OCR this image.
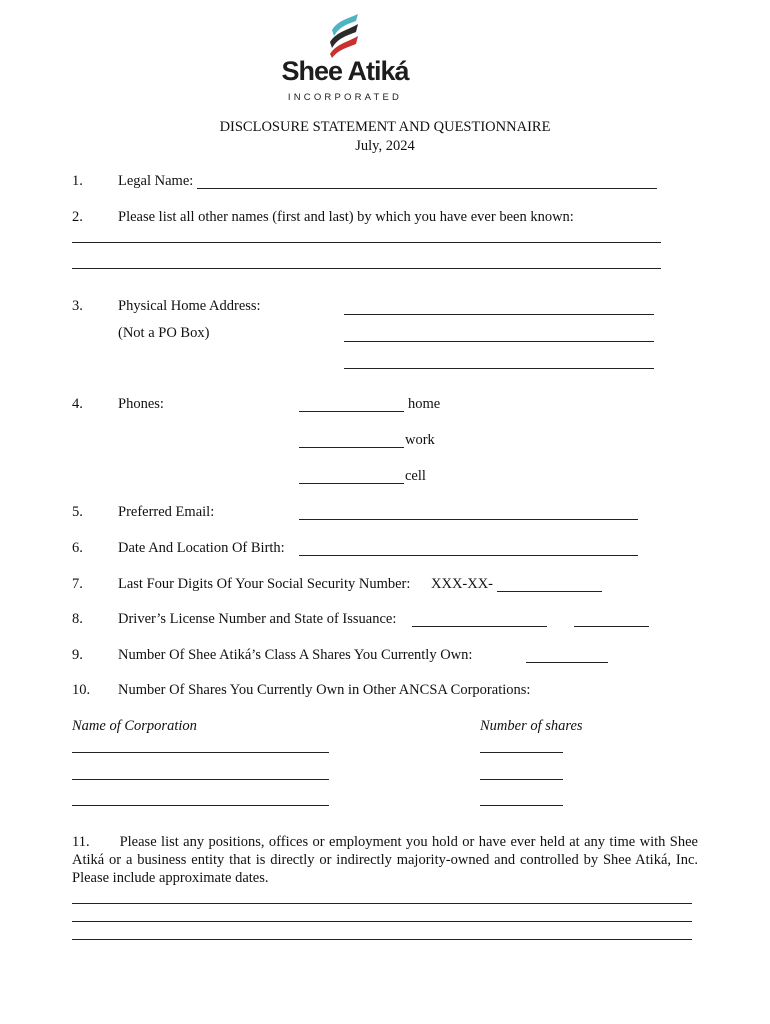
Shee Atiká
INCORPORATED
DISCLOSURE STATEMENT AND QUESTIONNAIRE
July, 2024
1. Legal Name:
2. Please list all other names (first and last) by which you have ever been known:
3. Physical Home Address:
(Not a PO Box)
4. Phones:	home
work
cell
5. Preferred Email:
6. Date And Location Of Birth:
7. Last Four Digits Of Your Social Security Number: XXX-XX-
8. Driver’s License Number and State of Issuance:
9. Number Of Shee Atiká’s Class A Shares You Currently Own:
10. Number Of Shares You Currently Own in Other ANCSA Corporations:
Name of Corporation	Number of shares
11. Please list any positions, offices or employment you hold or have ever held at any time with Shee Atiká or a business entity that is directly or indirectly majority-owned and controlled by Shee Atiká, Inc. Please include approximate dates.
